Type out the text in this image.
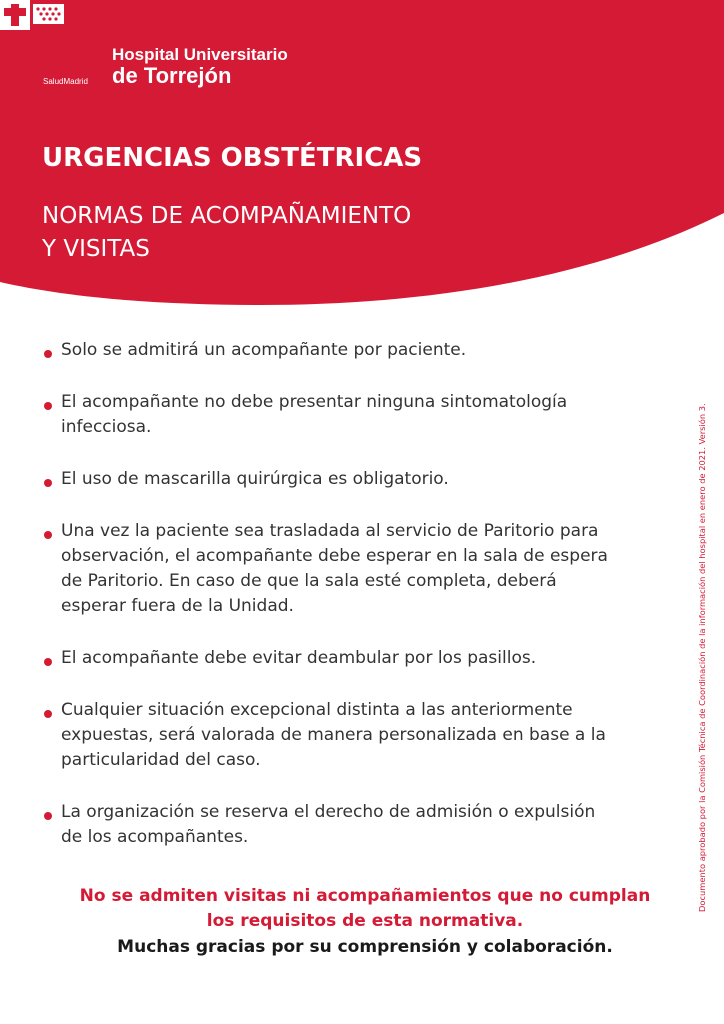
SaludMadrid
Hospital Universitario
de Torrejón
URGENCIAS OBSTÉTRICAS
NORMAS DE ACOMPAÑAMIENTO
Y VISITAS
Solo se admitirá un acompañante por paciente.
El acompañante no debe presentar ninguna sintomatología
infecciosa.
El uso de mascarilla quirúrgica es obligatorio.
Una vez la paciente sea trasladada al servicio de Paritorio para
observación, el acompañante debe esperar en la sala de espera
de Paritorio. En caso de que la sala esté completa, deberá
esperar fuera de la Unidad.
El acompañante debe evitar deambular por los pasillos.
Cualquier situación excepcional distinta a las anteriormente
expuestas, será valorada de manera personalizada en base a la
particularidad del caso.
La organización se reserva el derecho de admisión o expulsión
de los acompañantes.

No se admiten visitas ni acompañamientos que no cumplan
los requisitos de esta normativa.

Muchas gracias por su comprensión y colaboración.

Documento aprobado por la Comisión Técnica de Coordinación de la información del hospital en enero de 2021. Versión 3.
